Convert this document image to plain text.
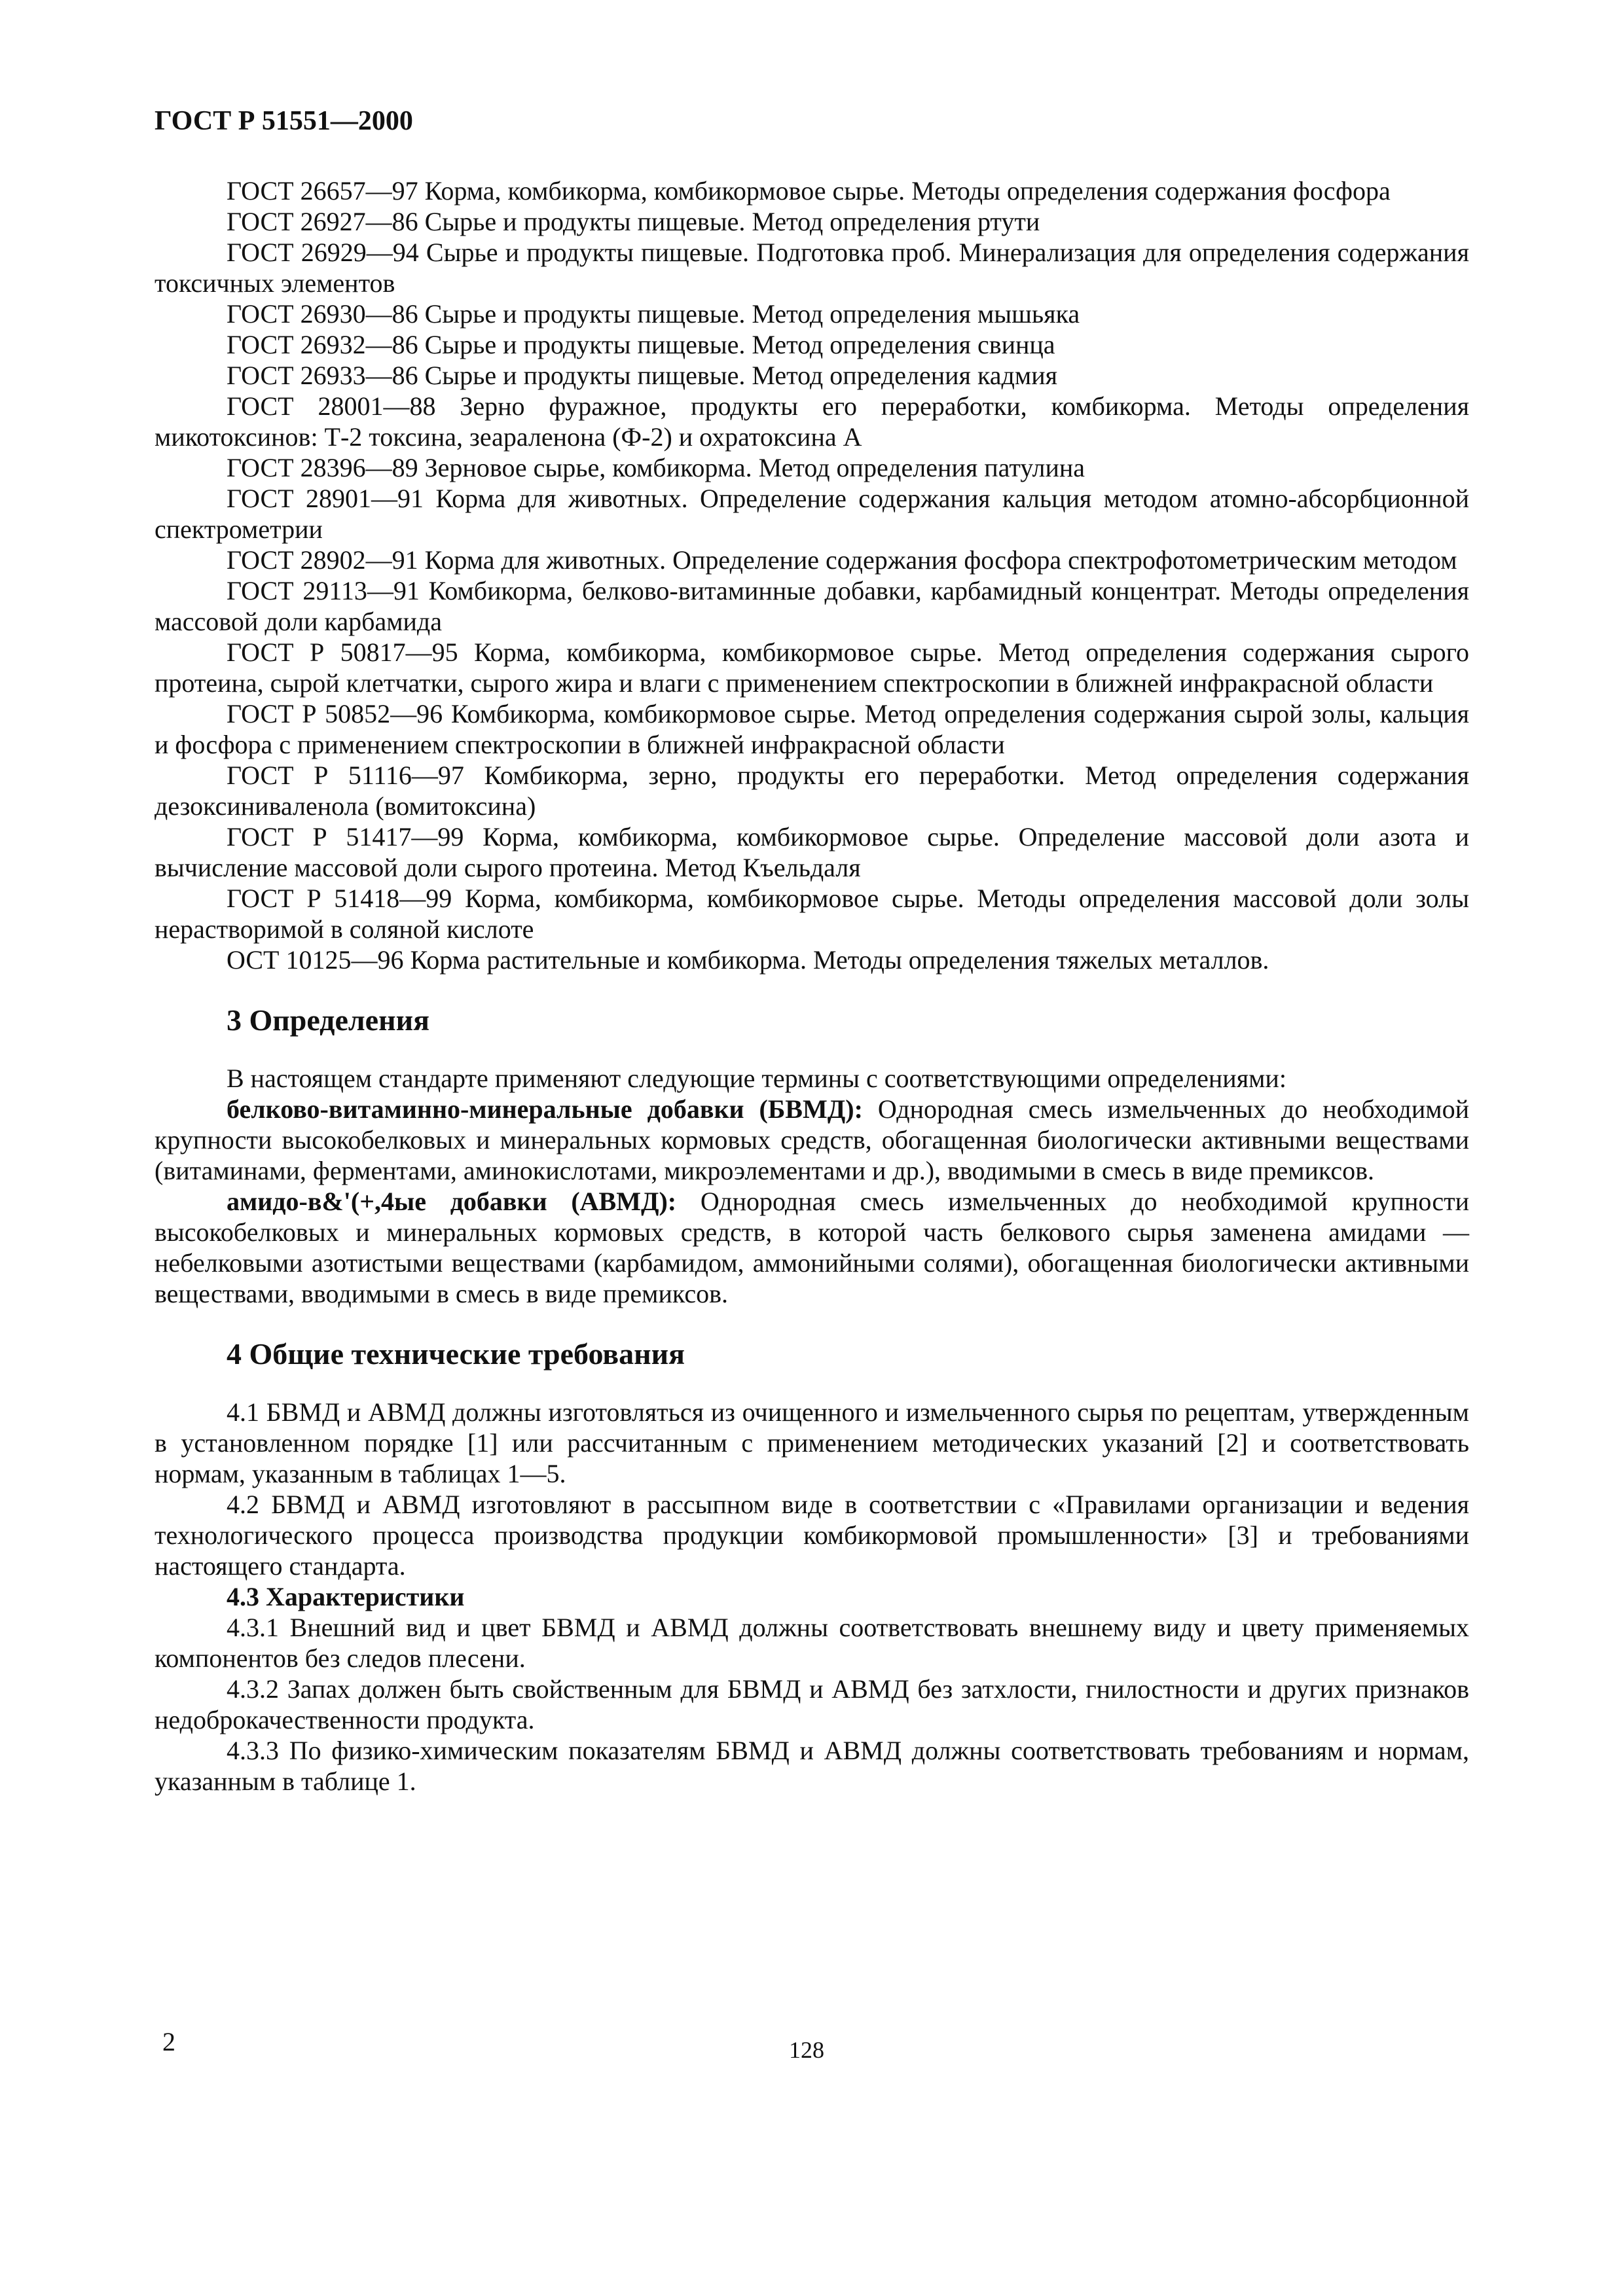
ГОСТ Р 51551—2000

ГОСТ 26657—97 Корма, комбикорма, комбикормовое сырье. Методы определения содержания фосфора

ГОСТ 26927—86 Сырье и продукты пищевые. Метод определения ртути

ГОСТ 26929—94 Сырье и продукты пищевые. Подготовка проб. Минерализация для определения содержания токсичных элементов

ГОСТ 26930—86 Сырье и продукты пищевые. Метод определения мышьяка

ГОСТ 26932—86 Сырье и продукты пищевые. Метод определения свинца

ГОСТ 26933—86 Сырье и продукты пищевые. Метод определения кадмия

ГОСТ 28001—88 Зерно фуражное, продукты его переработки, комбикорма. Методы определения микотоксинов: Т-2 токсина, зеараленона (Ф-2) и охратоксина А

ГОСТ 28396—89 Зерновое сырье, комбикорма. Метод определения патулина

ГОСТ 28901—91 Корма для животных. Определение содержания кальция методом атомно-абсорбционной спектрометрии

ГОСТ 28902—91 Корма для животных. Определение содержания фосфора спектрофотометрическим методом

ГОСТ 29113—91 Комбикорма, белково-витаминные добавки, карбамидный концентрат. Методы определения массовой доли карбамида

ГОСТ Р 50817—95 Корма, комбикорма, комбикормовое сырье. Метод определения содержания сырого протеина, сырой клетчатки, сырого жира и влаги с применением спектроскопии в ближней инфракрасной области

ГОСТ Р 50852—96 Комбикорма, комбикормовое сырье. Метод определения содержания сырой золы, кальция и фосфора с применением спектроскопии в ближней инфракрасной области

ГОСТ Р 51116—97 Комбикорма, зерно, продукты его переработки. Метод определения содержания дезоксиниваленола (вомитоксина)

ГОСТ Р 51417—99 Корма, комбикорма, комбикормовое сырье. Определение массовой доли азота и вычисление массовой доли сырого протеина. Метод Къельдаля

ГОСТ Р 51418—99 Корма, комбикорма, комбикормовое сырье. Методы определения массовой доли золы нерастворимой в соляной кислоте

ОСТ 10125—96 Корма растительные и комбикорма. Методы определения тяжелых металлов.

3 Определения

В настоящем стандарте применяют следующие термины с соответствующими определениями:

белково-витаминно-минеральные добавки (БВМД): Однородная смесь измельченных до необходимой крупности высокобелковых и минеральных кормовых средств, обогащенная биологически активными веществами (витаминами, ферментами, аминокислотами, микроэлементами и др.), вводимыми в смесь в виде премиксов.

амидо-в&'(+,4ые добавки (АВМД): Однородная смесь измельченных до необходимой крупности высокобелковых и минеральных кормовых средств, в которой часть белкового сырья заменена амидами — небелковыми азотистыми веществами (карбамидом, аммонийными солями), обогащенная биологически активными веществами, вводимыми в смесь в виде премиксов.

4 Общие технические требования

4.1 БВМД и АВМД должны изготовляться из очищенного и измельченного сырья по рецептам, утвержденным в установленном порядке [1] или рассчитанным с применением методических указаний [2] и соответствовать нормам, указанным в таблицах 1—5.

4.2 БВМД и АВМД изготовляют в рассыпном виде в соответствии с «Правилами организации и ведения технологического процесса производства продукции комбикормовой промышленности» [3] и требованиями настоящего стандарта.

4.3 Характеристики

4.3.1 Внешний вид и цвет БВМД и АВМД должны соответствовать внешнему виду и цвету применяемых компонентов без следов плесени.

4.3.2 Запах должен быть свойственным для БВМД и АВМД без затхлости, гнилостности и других признаков недоброкачественности продукта.

4.3.3 По физико-химическим показателям БВМД и АВМД должны соответствовать требованиям и нормам, указанным в таблице 1.

2	128
